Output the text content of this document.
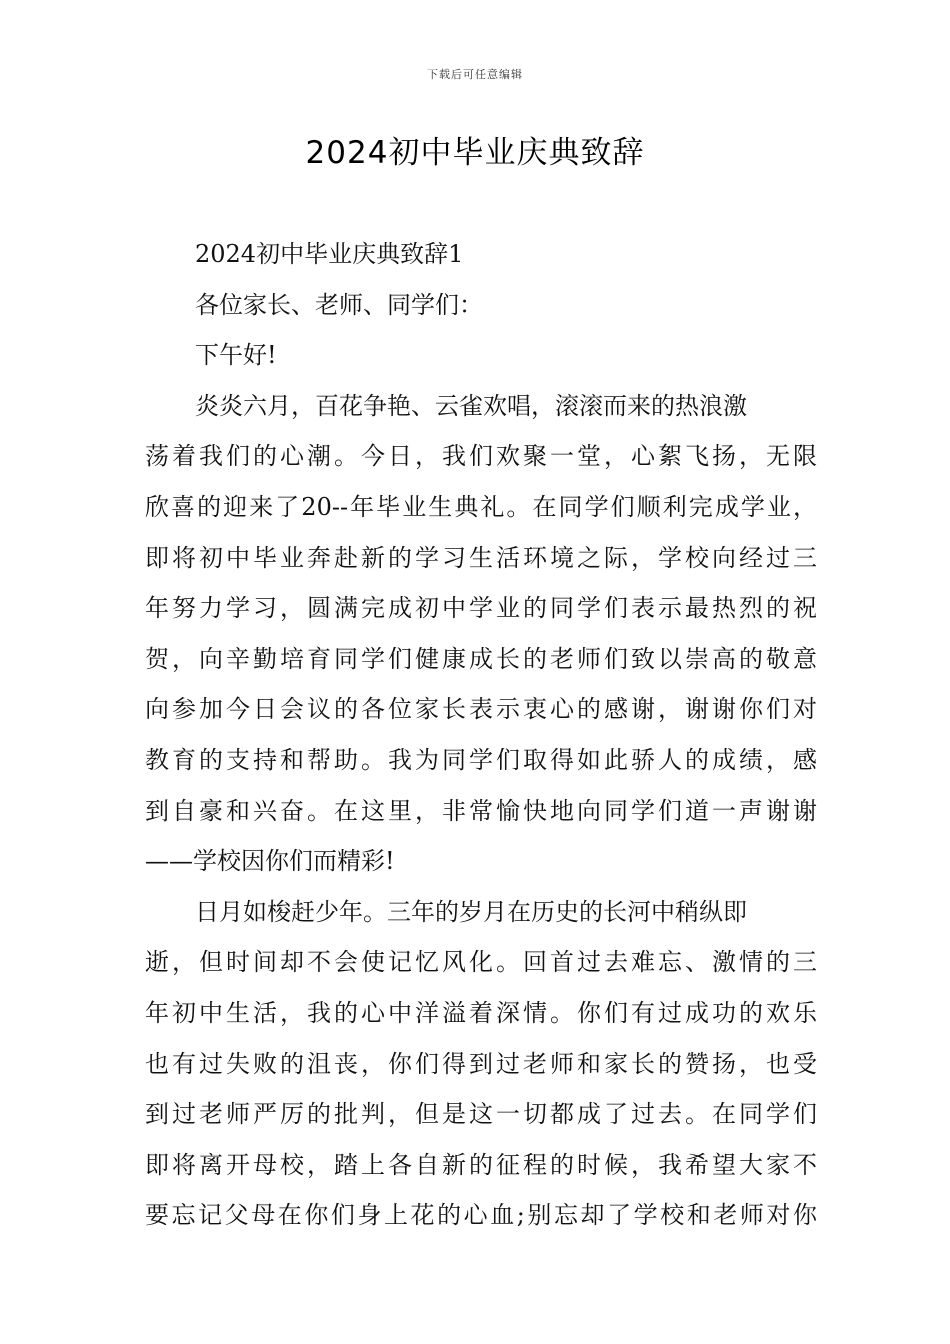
下载后可任意编辑
2024初中毕业庆典致辞

2024初中毕业庆典致辞1

各位家长、老师、同学们：

下午好!

炎炎六月，百花争艳、云雀欢唱，滚滚而来的热浪激
荡着我们的心潮。今日，我们欢聚一堂，心絮飞扬，无限
欣喜的迎来了20--年毕业生典礼。在同学们顺利完成学业，
即将初中毕业奔赴新的学习生活环境之际，学校向经过三
年努力学习，圆满完成初中学业的同学们表示最热烈的祝
贺，向辛勤培育同学们健康成长的老师们致以崇高的敬意
向参加今日会议的各位家长表示衷心的感谢，谢谢你们对
教育的支持和帮助。我为同学们取得如此骄人的成绩，感
到自豪和兴奋。在这里，非常愉快地向同学们道一声谢谢
——学校因你们而精彩!

日月如梭赶少年。三年的岁月在历史的长河中稍纵即
逝，但时间却不会使记忆风化。回首过去难忘、激情的三
年初中生活，我的心中洋溢着深情。你们有过成功的欢乐
也有过失败的沮丧，你们得到过老师和家长的赞扬，也受
到过老师严厉的批判，但是这一切都成了过去。在同学们
即将离开母校，踏上各自新的征程的时候，我希望大家不
要忘记父母在你们身上花的心血;别忘却了学校和老师对你
